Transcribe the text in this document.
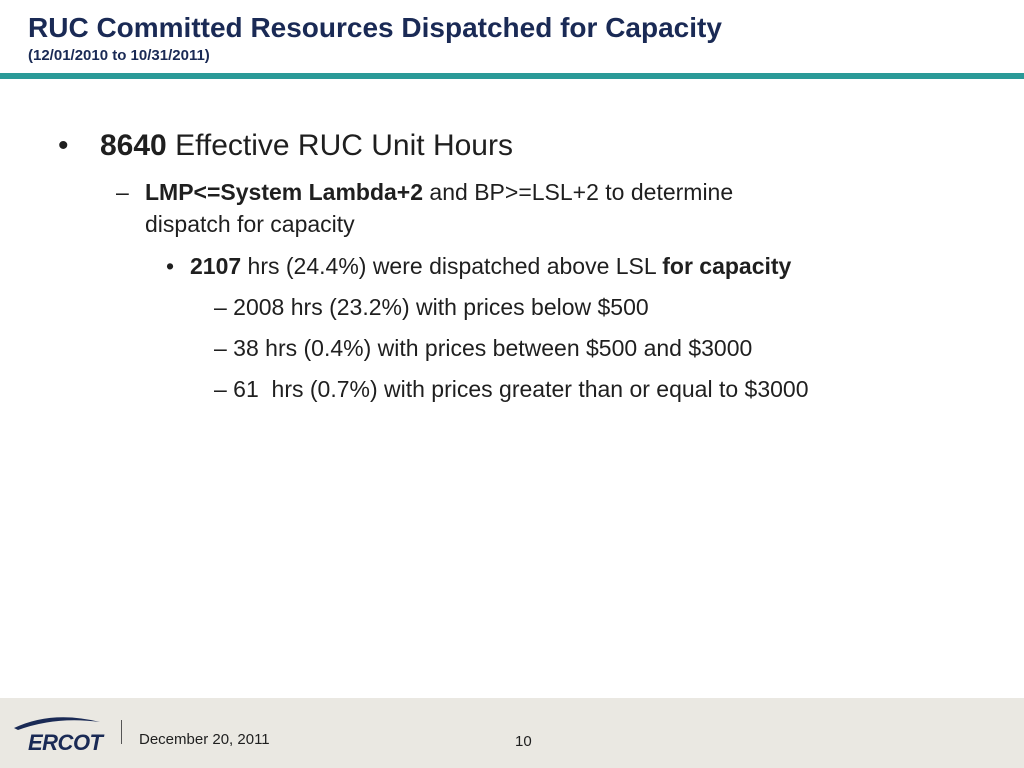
RUC Committed Resources Dispatched for Capacity
(12/01/2010 to 10/31/2011)
• 8640 Effective RUC Unit Hours
– LMP<=System Lambda+2 and BP>=LSL+2 to determine
dispatch for capacity
• 2107 hrs (24.4%) were dispatched above LSL for capacity
– 2008 hrs (23.2%) with prices below $500
– 38 hrs (0.4%) with prices between $500 and $3000
– 61  hrs (0.7%) with prices greater than or equal to $3000
ERCOT December 20, 2011	10
